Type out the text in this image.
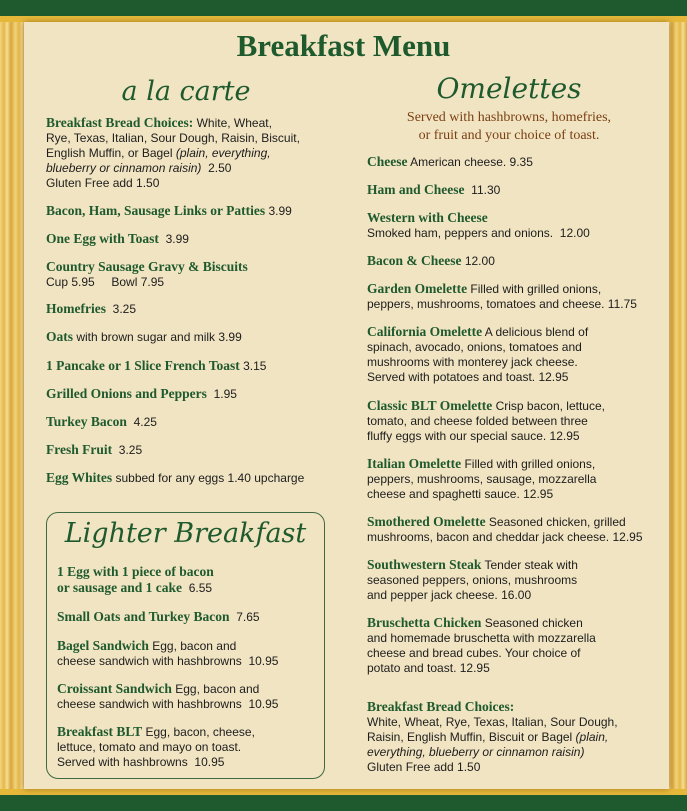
Breakfast Menu
a la carte
Breakfast Bread Choices: White, Wheat,
Rye, Texas, Italian, Sour Dough, Raisin, Biscuit,
English Muffin, or Bagel (plain, everything,
blueberry or cinnamon raisin) 2.50
Gluten Free add 1.50
Bacon, Ham, Sausage Links or Patties 3.99
One Egg with Toast 3.99
Country Sausage Gravy & Biscuits
Cup 5.95     Bowl 7.95
Homefries 3.25
Oats with brown sugar and milk 3.99
1 Pancake or 1 Slice French Toast 3.15
Grilled Onions and Peppers 1.95
Turkey Bacon 4.25
Fresh Fruit 3.25
Egg Whites subbed for any eggs 1.40 upcharge
Lighter Breakfast
1 Egg with 1 piece of bacon
or sausage and 1 cake 6.55
Small Oats and Turkey Bacon 7.65
Bagel Sandwich Egg, bacon and
cheese sandwich with hashbrowns  10.95
Croissant Sandwich Egg, bacon and
cheese sandwich with hashbrowns  10.95
Breakfast BLT Egg, bacon, cheese,
lettuce, tomato and mayo on toast.
Served with hashbrowns  10.95
Omelettes
Served with hashbrowns, homefries,
or fruit and your choice of toast.
Cheese American cheese. 9.35
Ham and Cheese  11.30
Western with Cheese
Smoked ham, peppers and onions.  12.00
Bacon & Cheese 12.00
Garden Omelette Filled with grilled onions,
peppers, mushrooms, tomatoes and cheese. 11.75
California Omelette A delicious blend of
spinach, avocado, onions, tomatoes and
mushrooms with monterey jack cheese.
Served with potatoes and toast. 12.95
Classic BLT Omelette Crisp bacon, lettuce,
tomato, and cheese folded between three
fluffy eggs with our special sauce. 12.95
Italian Omelette Filled with grilled onions,
peppers, mushrooms, sausage, mozzarella
cheese and spaghetti sauce. 12.95
Smothered Omelette Seasoned chicken, grilled
mushrooms, bacon and cheddar jack cheese. 12.95
Southwestern Steak Tender steak with
seasoned peppers, onions, mushrooms
and pepper jack cheese. 16.00
Bruschetta Chicken Seasoned chicken
and homemade bruschetta with mozzarella
cheese and bread cubes. Your choice of
potato and toast. 12.95
Breakfast Bread Choices:
White, Wheat, Rye, Texas, Italian, Sour Dough,
Raisin, English Muffin, Biscuit or Bagel (plain,
everything, blueberry or cinnamon raisin)
Gluten Free add 1.50
